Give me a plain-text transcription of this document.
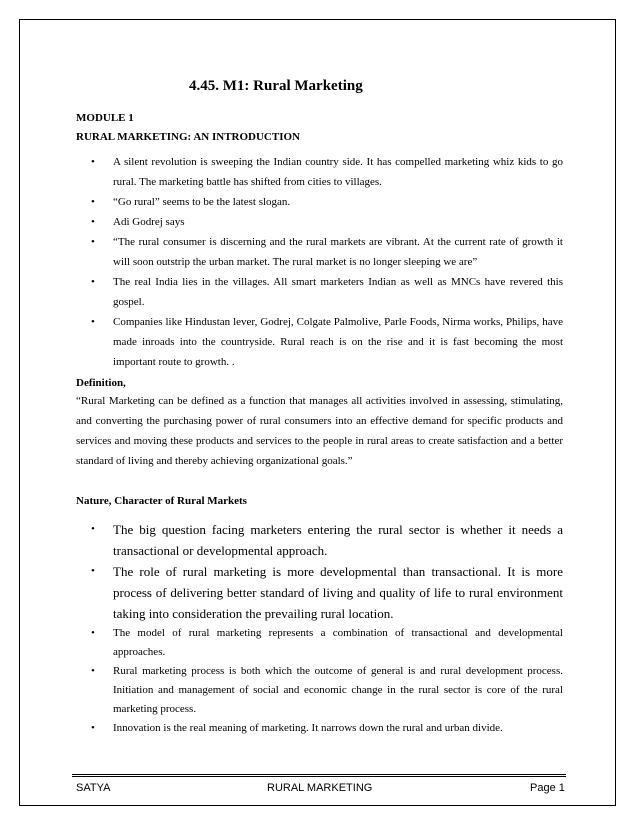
4.45. M1: Rural Marketing

MODULE 1

RURAL MARKETING: AN INTRODUCTION

• A silent revolution is sweeping the Indian country side. It has compelled marketing whiz kids to go rural. The marketing battle has shifted from cities to villages.
• “Go rural” seems to be the latest slogan.
• Adi Godrej says
• “The rural consumer is discerning and the rural markets are vibrant. At the current rate of growth it will soon outstrip the urban market. The rural market is no longer sleeping we are”
• The real India lies in the villages. All smart marketers Indian as well as MNCs have revered this gospel.
• Companies like Hindustan lever, Godrej, Colgate Palmolive, Parle Foods, Nirma works, Philips, have made inroads into the countryside. Rural reach is on the rise and it is fast becoming the most important route to growth. .

Definition,

“Rural Marketing can be defined as a function that manages all activities involved in assessing, stimulating, and converting the purchasing power of rural consumers into an effective demand for specific products and services and moving these products and services to the people in rural areas to create satisfaction and a better standard of living and thereby achieving organizational goals.”

Nature, Character of Rural Markets

• The big question facing marketers entering the rural sector is whether it needs a transactional or developmental approach.
• The role of rural marketing is more developmental than transactional. It is more process of delivering better standard of living and quality of life to rural environment taking into consideration the prevailing rural location.
• The model of rural marketing represents a combination of transactional and developmental approaches.
• Rural marketing process is both which the outcome of general is and rural development process. Initiation and management of social and economic change in the rural sector is core of the rural marketing process.
• Innovation is the real meaning of marketing. It narrows down the rural and urban divide.
SATYA	RURAL MARKETING	Page 1
